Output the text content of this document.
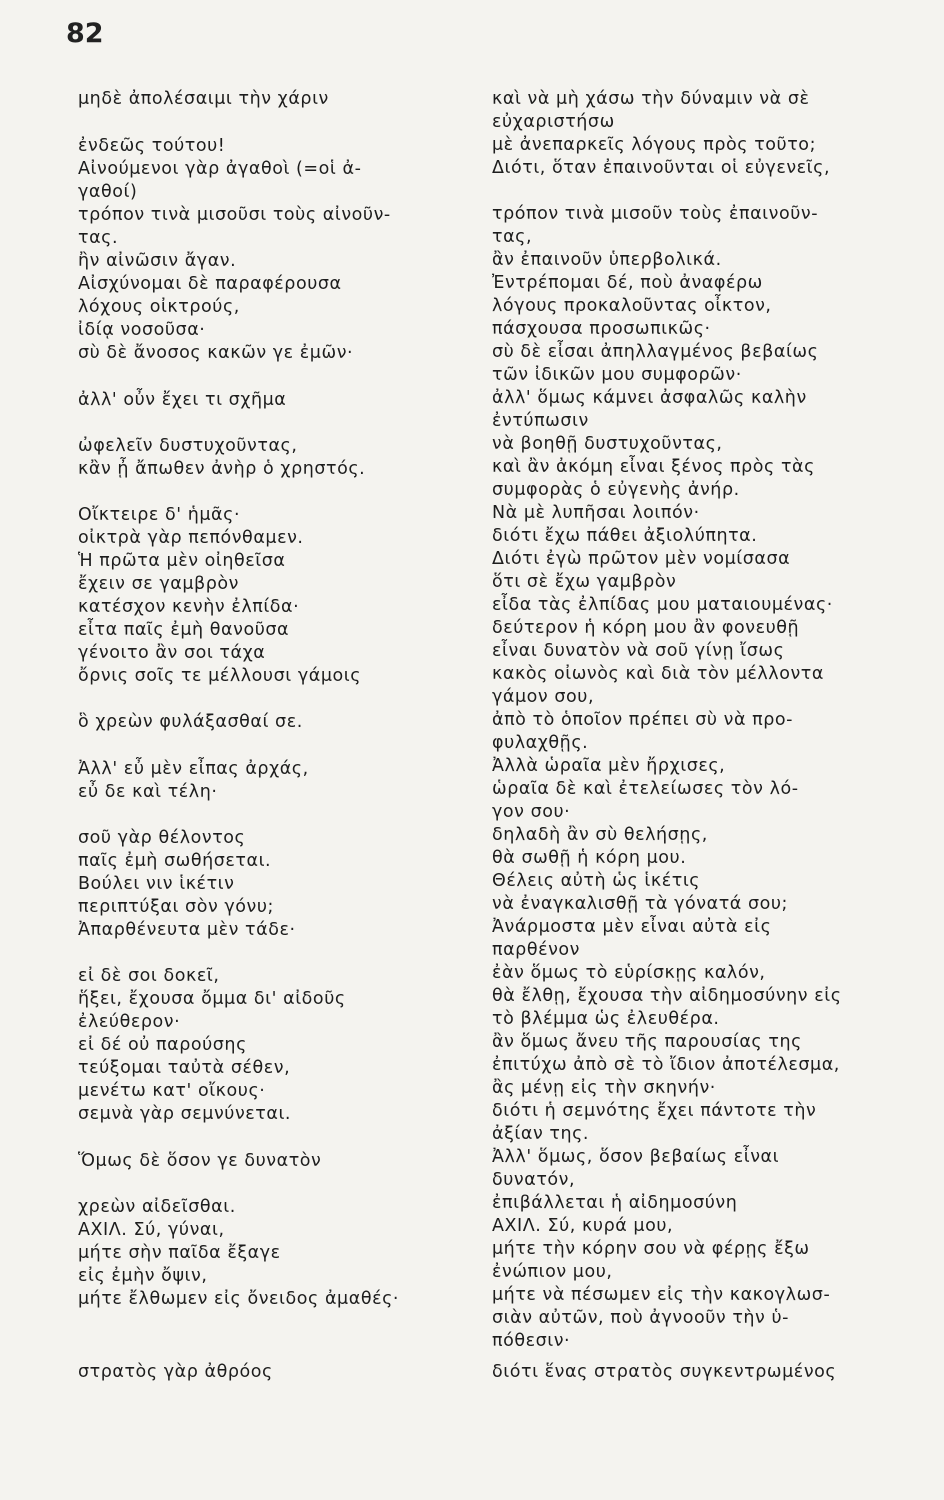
82
μηδὲ ἀπολέσαιμι τὴν χάριν
ἐνδεῶς τούτου!
Αἰνούμενοι γὰρ ἀγαθοὶ (=οἱ ἀ-
γαθοί)
τρόπον τινὰ μισοῦσι τοὺς αἰνοῦν-
τας.
ἢν αἰνῶσιν ἄγαν.
Αἰσχύνομαι δὲ παραφέρουσα
λόχους οἰκτρούς,
ἰδίᾳ νοσοῦσα·
σὺ δὲ ἄνοσος κακῶν γε ἐμῶν·
ἀλλ' οὖν ἔχει τι σχῆμα
ὠφελεῖν δυστυχοῦντας,
κἂν ᾖ ἄπωθεν ἀνὴρ ὁ χρηστός.
Οἴκτειρε δ' ἡμᾶς·
οἰκτρὰ γὰρ πεπόνθαμεν.
Ἡ πρῶτα μὲν οἰηθεῖσα
ἔχειν σε γαμβρὸν
κατέσχον κενὴν ἐλπίδα·
εἶτα παῖς ἐμὴ θανοῦσα
γένοιτο ἂν σοι τάχα
ὄρνις σοῖς τε μέλλουσι γάμοις
ὃ χρεὼν φυλάξασθαί σε.
Ἀλλ' εὖ μὲν εἶπας ἀρχάς,
εὖ δε καὶ τέλη·
σοῦ γὰρ θέλοντος
παῖς ἐμὴ σωθήσεται.
Βούλει νιν ἱκέτιν
περιπτύξαι σὸν γόνυ;
Ἀπαρθένευτα μὲν τάδε·
εἰ δὲ σοι δοκεῖ,
ἥξει, ἔχουσα ὄμμα δι' αἰδοῦς
ἐλεύθερον·
εἰ δέ οὐ παρούσης
τεύξομαι ταὐτὰ σέθεν,
μενέτω κατ' οἴκους·
σεμνὰ γὰρ σεμνύνεται.
Ὅμως δὲ ὅσον γε δυνατὸν
χρεὼν αἰδεῖσθαι.
ΑΧΙΛ. Σύ, γύναι,
μήτε σὴν παῖδα ἔξαγε
εἰς ἐμὴν ὄψιν,
μήτε ἔλθωμεν εἰς ὄνειδος ἀμαθές·
στρατὸς γὰρ ἀθρόος
καὶ νὰ μὴ χάσω τὴν δύναμιν νὰ σὲ
εὐχαριστήσω
μὲ ἀνεπαρκεῖς λόγους πρὸς τοῦτο;
Διότι, ὅταν ἐπαινοῦνται οἱ εὐγενεῖς,
τρόπον τινὰ μισοῦν τοὺς ἐπαινοῦν-
τας,
ἂν ἐπαινοῦν ὑπερβολικά.
Ἐντρέπομαι δέ, ποὺ ἀναφέρω
λόγους προκαλοῦντας οἶκτον,
πάσχουσα προσωπικῶς·
σὺ δὲ εἶσαι ἀπηλλαγμένος βεβαίως
τῶν ἰδικῶν μου συμφορῶν·
ἀλλ' ὅμως κάμνει ἀσφαλῶς καλὴν
ἐντύπωσιν
νὰ βοηθῇ δυστυχοῦντας,
καὶ ἂν ἀκόμη εἶναι ξένος πρὸς τὰς
συμφορὰς ὁ εὐγενὴς ἀνήρ.
Νὰ μὲ λυπῆσαι λοιπόν·
διότι ἔχω πάθει ἀξιολύπητα.
Διότι ἐγὼ πρῶτον μὲν νομίσασα
ὅτι σὲ ἔχω γαμβρὸν
εἶδα τὰς ἐλπίδας μου ματαιουμένας·
δεύτερον ἡ κόρη μου ἂν φονευθῇ
εἶναι δυνατὸν νὰ σοῦ γίνῃ ἴσως
κακὸς οἰωνὸς καὶ διὰ τὸν μέλλοντα
γάμον σου,
ἀπὸ τὸ ὁποῖον πρέπει σὺ νὰ προ-
φυλαχθῇς.
Ἀλλὰ ὡραῖα μὲν ἤρχισες,
ὡραῖα δὲ καὶ ἐτελείωσες τὸν λό-
γον σου·
δηλαδὴ ἂν σὺ θελήσῃς,
θὰ σωθῇ ἡ κόρη μου.
Θέλεις αὐτὴ ὡς ἱκέτις
νὰ ἐναγκαλισθῇ τὰ γόνατά σου;
Ἀνάρμοστα μὲν εἶναι αὐτὰ εἰς
παρθένον
ἐὰν ὅμως τὸ εὑρίσκῃς καλόν,
θὰ ἔλθῃ, ἔχουσα τὴν αἰδημοσύνην εἰς
τὸ βλέμμα ὡς ἐλευθέρα.
ἂν ὅμως ἄνευ τῆς παρουσίας της
ἐπιτύχω ἀπὸ σὲ τὸ ἴδιον ἀποτέλεσμα,
ἂς μένῃ εἰς τὴν σκηνήν·
διότι ἡ σεμνότης ἔχει πάντοτε τὴν
ἀξίαν της.
Ἀλλ' ὅμως, ὅσον βεβαίως εἶναι
δυνατόν,
ἐπιβάλλεται ἡ αἰδημοσύνη
ΑΧΙΛ. Σύ, κυρά μου,
μήτε τὴν κόρην σου νὰ φέρῃς ἔξω
ἐνώπιον μου,
μήτε νὰ πέσωμεν εἰς τὴν κακογλωσ-
σιὰν αὐτῶν, ποὺ ἀγνοοῦν τὴν ὑ-
πόθεσιν·
διότι ἕνας στρατὸς συγκεντρωμένος
